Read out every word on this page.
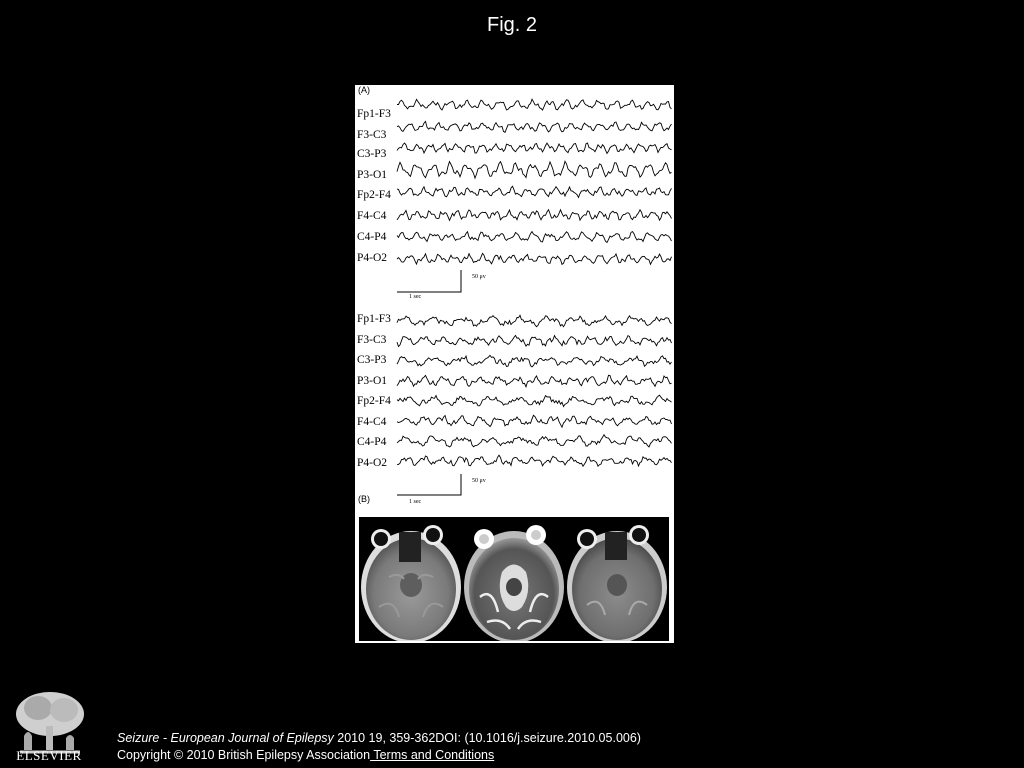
Fig. 2
(A)
Fp1-F3
F3-C3
C3-P3
P3-O1
Fp2-F4
F4-C4
C4-P4
P4-O2
1 sec
50 μv
Fp1-F3
F3-C3
C3-P3
P3-O1
Fp2-F4
F4-C4
C4-P4
P4-O2
50 μv
1 sec
(B)
ELSEVIER
Seizure - European Journal of Epilepsy 2010 19, 359-362DOI: (10.1016/j.seizure.2010.05.006)
Copyright © 2010 British Epilepsy Association Terms and Conditions
